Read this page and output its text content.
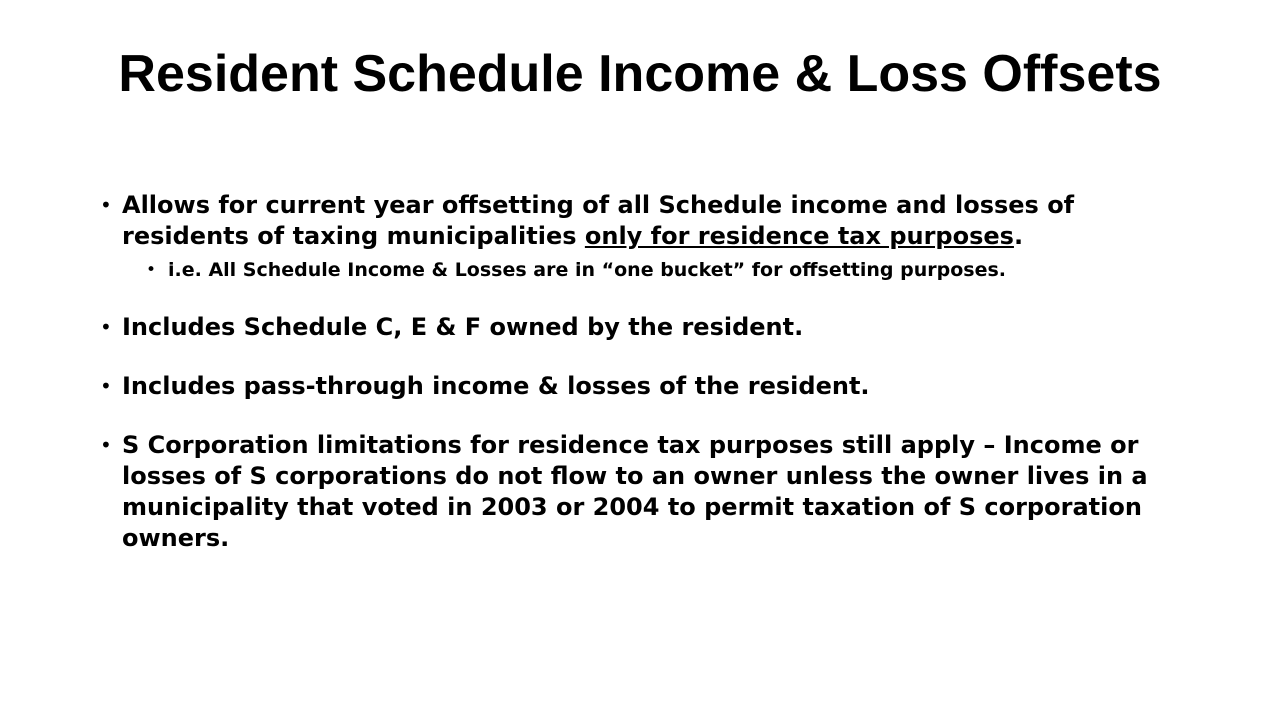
Resident Schedule Income & Loss Offsets
• Allows for current year offsetting of all Schedule income and losses of residents of taxing municipalities only for residence tax purposes.
• i.e. All Schedule Income & Losses are in “one bucket” for offsetting purposes.
• Includes Schedule C, E & F owned by the resident.
• Includes pass-through income & losses of the resident.
• S Corporation limitations for residence tax purposes still apply – Income or losses of S corporations do not flow to an owner unless the owner lives in a municipality that voted in 2003 or 2004 to permit taxation of S corporation owners.
